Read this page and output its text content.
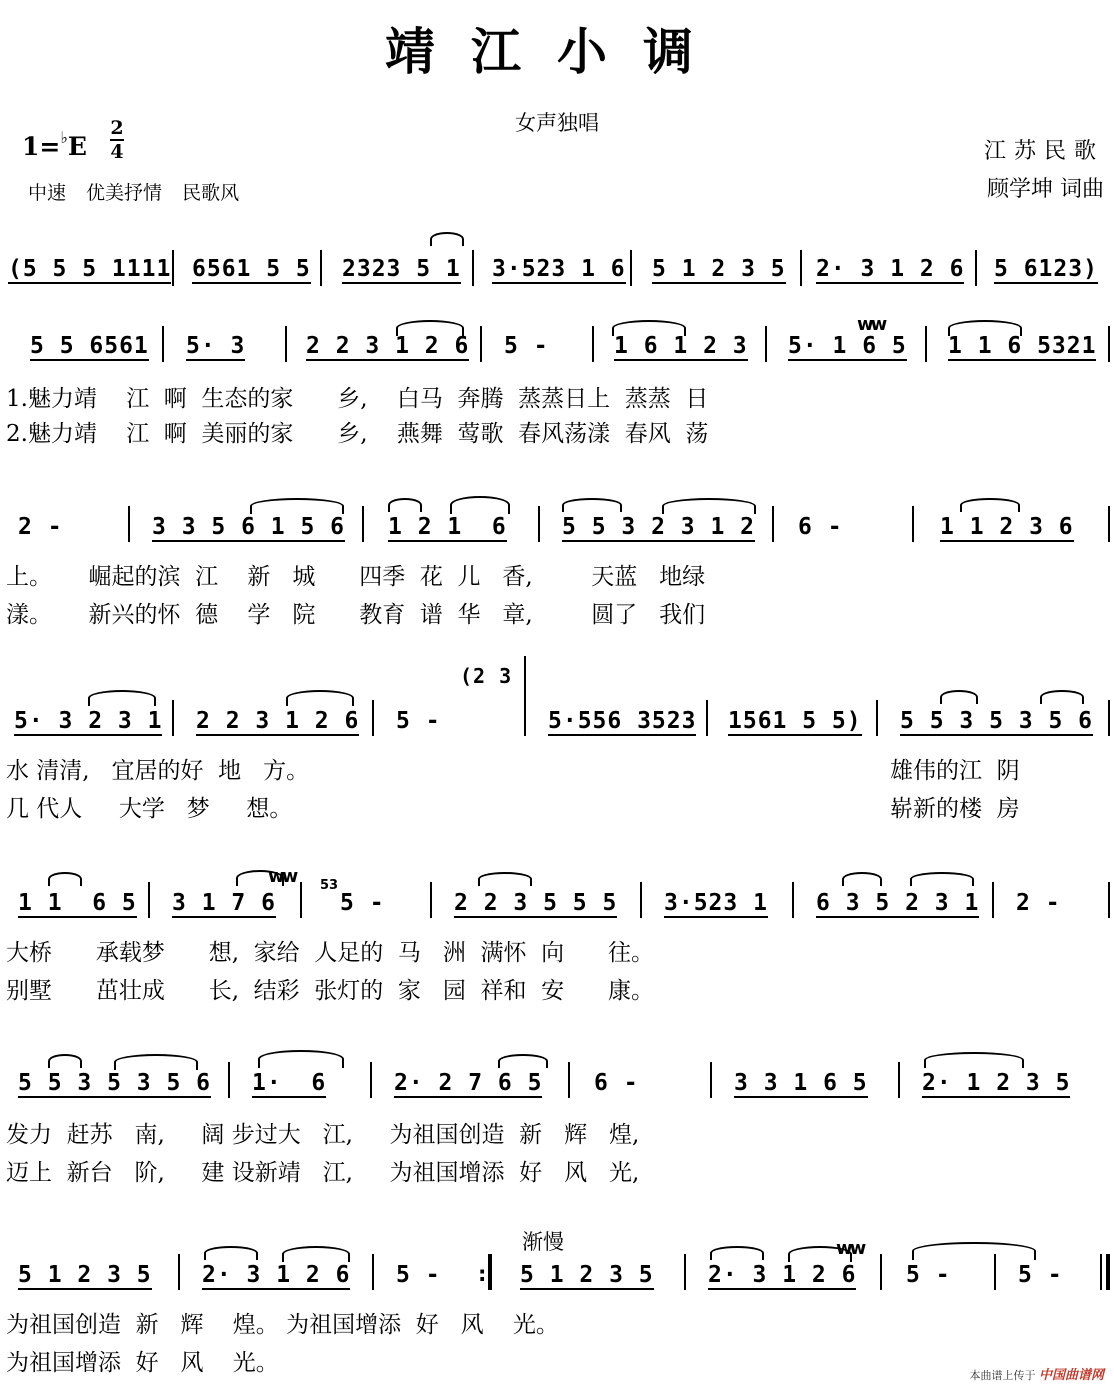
靖江小调
女声独唱
1=♭E
2
4
中速 优美抒情 民歌风
江苏民歌
顾学坤 词曲
(5 5 5 1111 6561 5 5 2323 5 1 3·523 1 6 5 1 2 3 5 2· 3 1 2 6 5 6123)
5 5 6561 5· 3	2 2 3 1 2 6 5 -	1 6 1 2 3 5· 1 6 5 1 1 6 5321
ww
1.魅力靖    江  啊  生态的家      乡,    白马  奔腾  蒸蒸日上  蒸蒸  日
2.魅力靖    江  啊  美丽的家      乡,    燕舞  莺歌  春风荡漾  春风  荡
2 -	3 3 5 6 1 5 6 1 2 1  6 5 5 3 2 3 1 2 6 -	1 1 2 3 6
上。     崛起的滨  江    新   城      四季  花  儿   香,        天蓝   地绿
漾。     新兴的怀  德    学   院      教育  谱  华   章,        圆了   我们
(2 3
5· 3 2 3 1 2 2 3 1 2 6 5 -	5·556 3523 1561 5 5) 5 5 3 5 3 5 6
水 清清,   宜居的好  地   方。	雄伟的江  阴
几 代人     大学   梦     想。	崭新的楼  房
1 1  6 5 3 1 7 6
53
5 -	2 2 3 5 5 5 3·523 1 6 3 5 2 3 1 2 -
ww
大桥      承载梦      想,  家给  人足的  马   洲  满怀  向      往。
别墅      茁壮成      长,  结彩  张灯的  家   园  祥和  安      康。
5 5 3 5 3 5 6 1·  6	2· 2 7 6 5 6 -	3 3 1 6 5 2· 1 2 3 5
发力  赶苏   南,     阔 步过大   江,     为祖国创造  新   辉   煌,
迈上  新台   阶,     建 设新靖   江,     为祖国增添  好   风   光,
渐慢
5 1 2 3 5 2· 3 1 2 6 5 - : 5 1 2 3 5 2· 3 1 2 6 5 -	5 -
ww
为祖国创造  新   辉    煌。 为祖国增添  好   风    光。
为祖国增添  好   风    光。	本曲谱上传于 中国曲谱网
